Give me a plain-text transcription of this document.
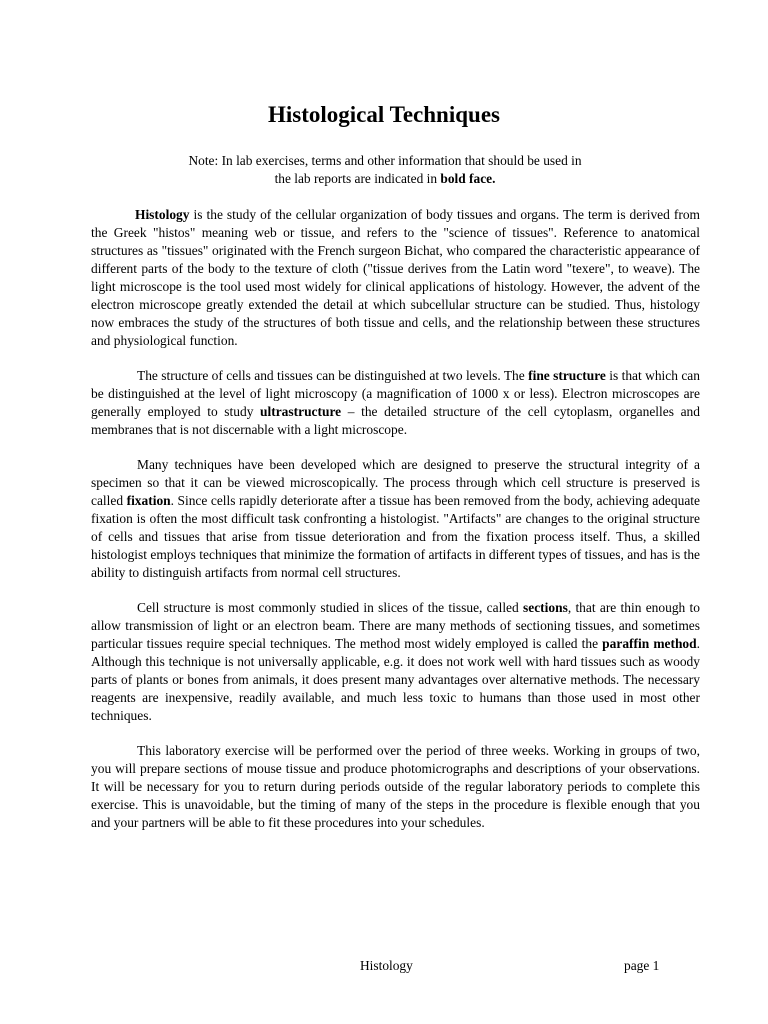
Histological Techniques
Note: In lab exercises, terms and other information that should be used in
the lab reports are indicated in bold face.

Histology is the study of the cellular organization of body tissues and organs. The term is derived from the Greek "histos" meaning web or tissue, and refers to the "science of tissues". Reference to anatomical structures as "tissues" originated with the French surgeon Bichat, who compared the characteristic appearance of different parts of the body to the texture of cloth ("tissue derives from the Latin word "texere", to weave). The light microscope is the tool used most widely for clinical applications of histology. However, the advent of the electron microscope greatly extended the detail at which subcellular structure can be studied. Thus, histology now embraces the study of the structures of both tissue and cells, and the relationship between these structures and physiological function.

The structure of cells and tissues can be distinguished at two levels. The fine structure is that which can be distinguished at the level of light microscopy (a magnification of 1000 x or less). Electron microscopes are generally employed to study ultrastructure – the detailed structure of the cell cytoplasm, organelles and membranes that is not discernable with a light microscope.

Many techniques have been developed which are designed to preserve the structural integrity of a specimen so that it can be viewed microscopically. The process through which cell structure is preserved is called fixation. Since cells rapidly deteriorate after a tissue has been removed from the body, achieving adequate fixation is often the most difficult task confronting a histologist. "Artifacts" are changes to the original structure of cells and tissues that arise from tissue deterioration and from the fixation process itself. Thus, a skilled histologist employs techniques that minimize the formation of artifacts in different types of tissues, and has is the ability to distinguish artifacts from normal cell structures.

Cell structure is most commonly studied in slices of the tissue, called sections, that are thin enough to allow transmission of light or an electron beam. There are many methods of sectioning tissues, and sometimes particular tissues require special techniques. The method most widely employed is called the paraffin method. Although this technique is not universally applicable, e.g. it does not work well with hard tissues such as woody parts of plants or bones from animals, it does present many advantages over alternative methods. The necessary reagents are inexpensive, readily available, and much less toxic to humans than those used in most other techniques.

This laboratory exercise will be performed over the period of three weeks. Working in groups of two, you will prepare sections of mouse tissue and produce photomicrographs and descriptions of your observations. It will be necessary for you to return during periods outside of the regular laboratory periods to complete this exercise. This is unavoidable, but the timing of many of the steps in the procedure is flexible enough that you and your partners will be able to fit these procedures into your schedules.

Histology	page 1
